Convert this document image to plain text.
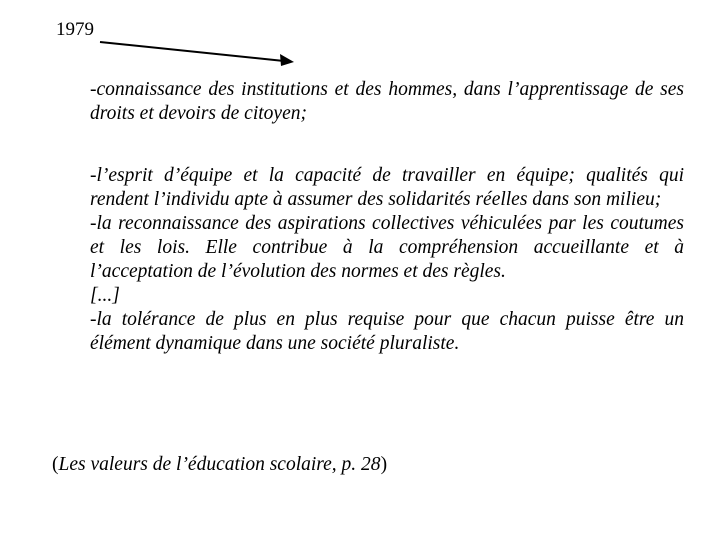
1979

-connaissance des institutions et des hommes, dans l’apprentissage de ses droits et devoirs de citoyen;

-l’esprit d’équipe et la capacité de travailler en équipe; qualités qui rendent l’individu apte à assumer des solidarités réelles dans son milieu;

-la reconnaissance des aspirations collectives véhiculées par les coutumes et les lois. Elle contribue à la compréhension accueillante et à l’acceptation de l’évolution des normes et des règles.

[...]

-la tolérance de plus en plus requise pour que chacun puisse être un élément dynamique dans une société pluraliste.

(Les valeurs de l’éducation scolaire, p. 28)
